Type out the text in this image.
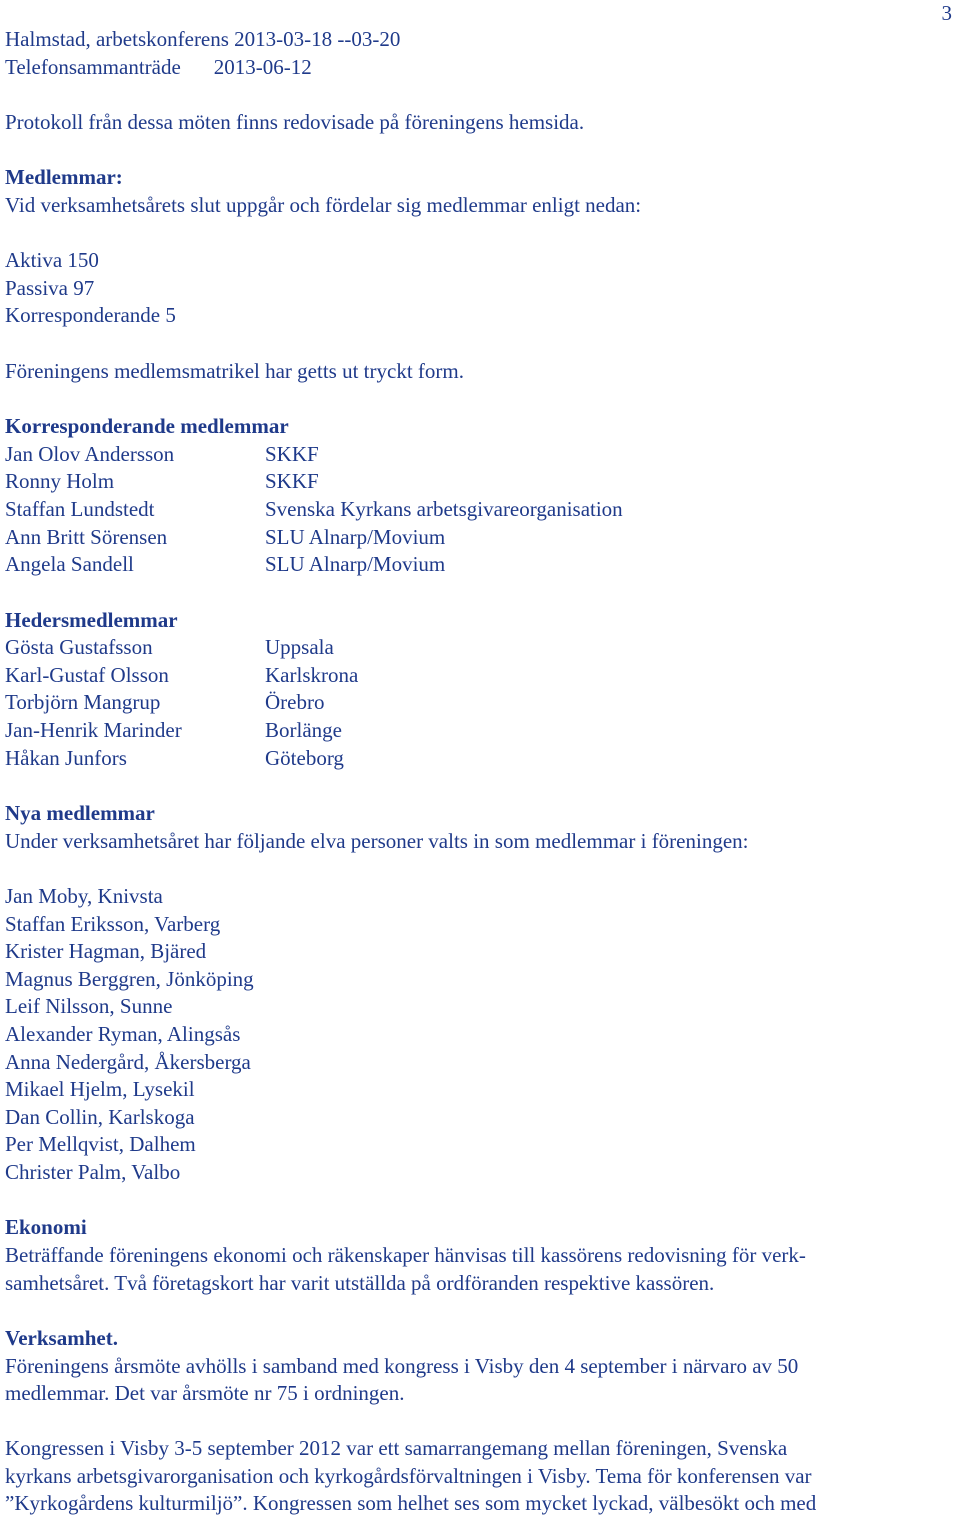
3
Halmstad, arbetskonferens 2013-03-18 --03-20
Telefonsammanträde 2013-06-12
Protokoll från dessa möten finns redovisade på föreningens hemsida.
Medlemmar:
Vid verksamhetsårets slut uppgår och fördelar sig medlemmar enligt nedan:
Aktiva 150
Passiva 97
Korresponderande 5
Föreningens medlemsmatrikel har getts ut tryckt form.
Korresponderande medlemmar
Jan Olov Andersson	SKKF
Ronny Holm	SKKF
Staffan Lundstedt	Svenska Kyrkans arbetsgivareorganisation
Ann Britt Sörensen	SLU Alnarp/Movium
Angela Sandell	SLU Alnarp/Movium
Hedersmedlemmar
Gösta Gustafsson	Uppsala
Karl-Gustaf Olsson	Karlskrona
Torbjörn Mangrup	Örebro
Jan-Henrik Marinder	Borlänge
Håkan Junfors	Göteborg
Nya medlemmar
Under verksamhetsåret har följande elva personer valts in som medlemmar i föreningen:
Jan Moby, Knivsta
Staffan Eriksson, Varberg
Krister Hagman, Bjäred
Magnus Berggren, Jönköping
Leif Nilsson, Sunne
Alexander Ryman, Alingsås
Anna Nedergård, Åkersberga
Mikael Hjelm, Lysekil
Dan Collin, Karlskoga
Per Mellqvist, Dalhem
Christer Palm, Valbo
Ekonomi
Beträffande föreningens ekonomi och räkenskaper hänvisas till kassörens redovisning för verk-
samhetsåret. Två företagskort har varit utställda på ordföranden respektive kassören.
Verksamhet.
Föreningens årsmöte avhölls i samband med kongress i Visby den 4 september i närvaro av 50
medlemmar. Det var årsmöte nr 75 i ordningen.
Kongressen i Visby 3-5 september 2012 var ett samarrangemang mellan föreningen, Svenska
kyrkans arbetsgivarorganisation och kyrkogårdsförvaltningen i Visby. Tema för konferensen var
”Kyrkogårdens kulturmiljö”. Kongressen som helhet ses som mycket lyckad, välbesökt och med
